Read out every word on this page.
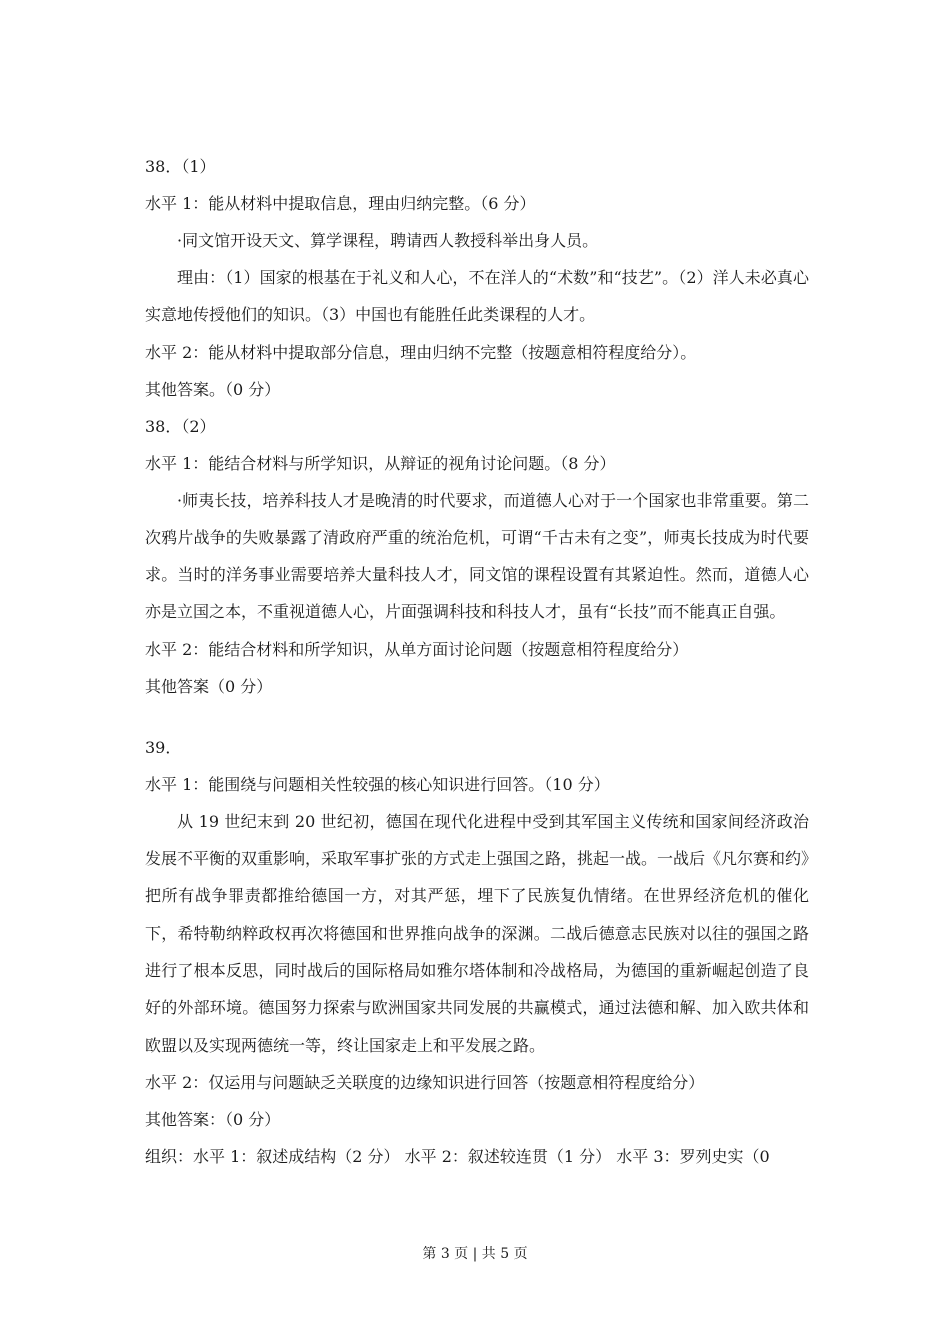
38．（1）
水平 1：能从材料中提取信息，理由归纳完整。（6 分）
·同文馆开设天文、算学课程，聘请西人教授科举出身人员。
理由：（1）国家的根基在于礼义和人心，不在洋人的“术数”和“技艺”。（2）洋人未必真心实意地传授他们的知识。（3）中国也有能胜任此类课程的人才。
水平 2：能从材料中提取部分信息，理由归纳不完整（按题意相符程度给分）。
其他答案。（0 分）
38．（2）
水平 1：能结合材料与所学知识，从辩证的视角讨论问题。（8 分）
·师夷长技，培养科技人才是晚清的时代要求，而道德人心对于一个国家也非常重要。第二次鸦片战争的失败暴露了清政府严重的统治危机，可谓“千古未有之变”，师夷长技成为时代要求。当时的洋务事业需要培养大量科技人才，同文馆的课程设置有其紧迫性。然而，道德人心亦是立国之本，不重视道德人心，片面强调科技和科技人才，虽有“长技”而不能真正自强。
水平 2：能结合材料和所学知识，从单方面讨论问题（按题意相符程度给分）
其他答案（0 分）
39．
水平 1：能围绕与问题相关性较强的核心知识进行回答。（10 分）
从 19 世纪末到 20 世纪初，德国在现代化进程中受到其军国主义传统和国家间经济政治发展不平衡的双重影响，采取军事扩张的方式走上强国之路，挑起一战。一战后《凡尔赛和约》把所有战争罪责都推给德国一方，对其严惩，埋下了民族复仇情绪。在世界经济危机的催化下，希特勒纳粹政权再次将德国和世界推向战争的深渊。二战后德意志民族对以往的强国之路进行了根本反思，同时战后的国际格局如雅尔塔体制和冷战格局，为德国的重新崛起创造了良好的外部环境。德国努力探索与欧洲国家共同发展的共赢模式，通过法德和解、加入欧共体和欧盟以及实现两德统一等，终让国家走上和平发展之路。
水平 2：仅运用与问题缺乏关联度的边缘知识进行回答（按题意相符程度给分）
其他答案：（0 分）
组织：水平 1：叙述成结构（2 分） 水平 2：叙述较连贯（1 分） 水平 3：罗列史实（0
第 3 页 | 共 5 页
